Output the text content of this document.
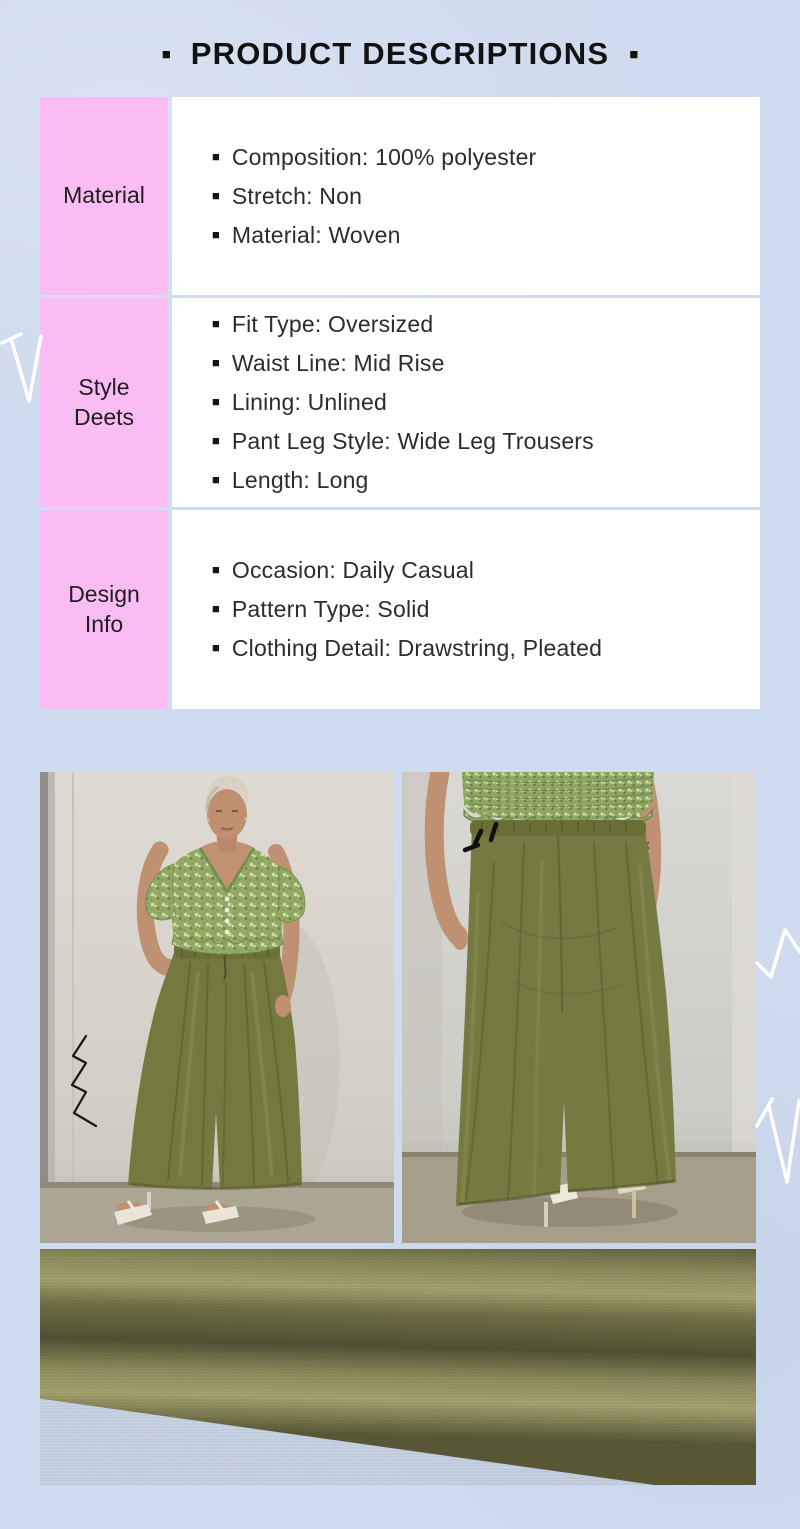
■ PRODUCT DESCRIPTIONS ■
Material
■ Composition: 100% polyester
■ Stretch: Non
■ Material: Woven
Style Deets
■ Fit Type: Oversized
■ Waist Line: Mid Rise
■ Lining: Unlined
■ Pant Leg Style: Wide Leg Trousers
■ Length: Long
Design Info
■ Occasion: Daily Casual
■ Pattern Type: Solid
■ Clothing Detail: Drawstring, Pleated
